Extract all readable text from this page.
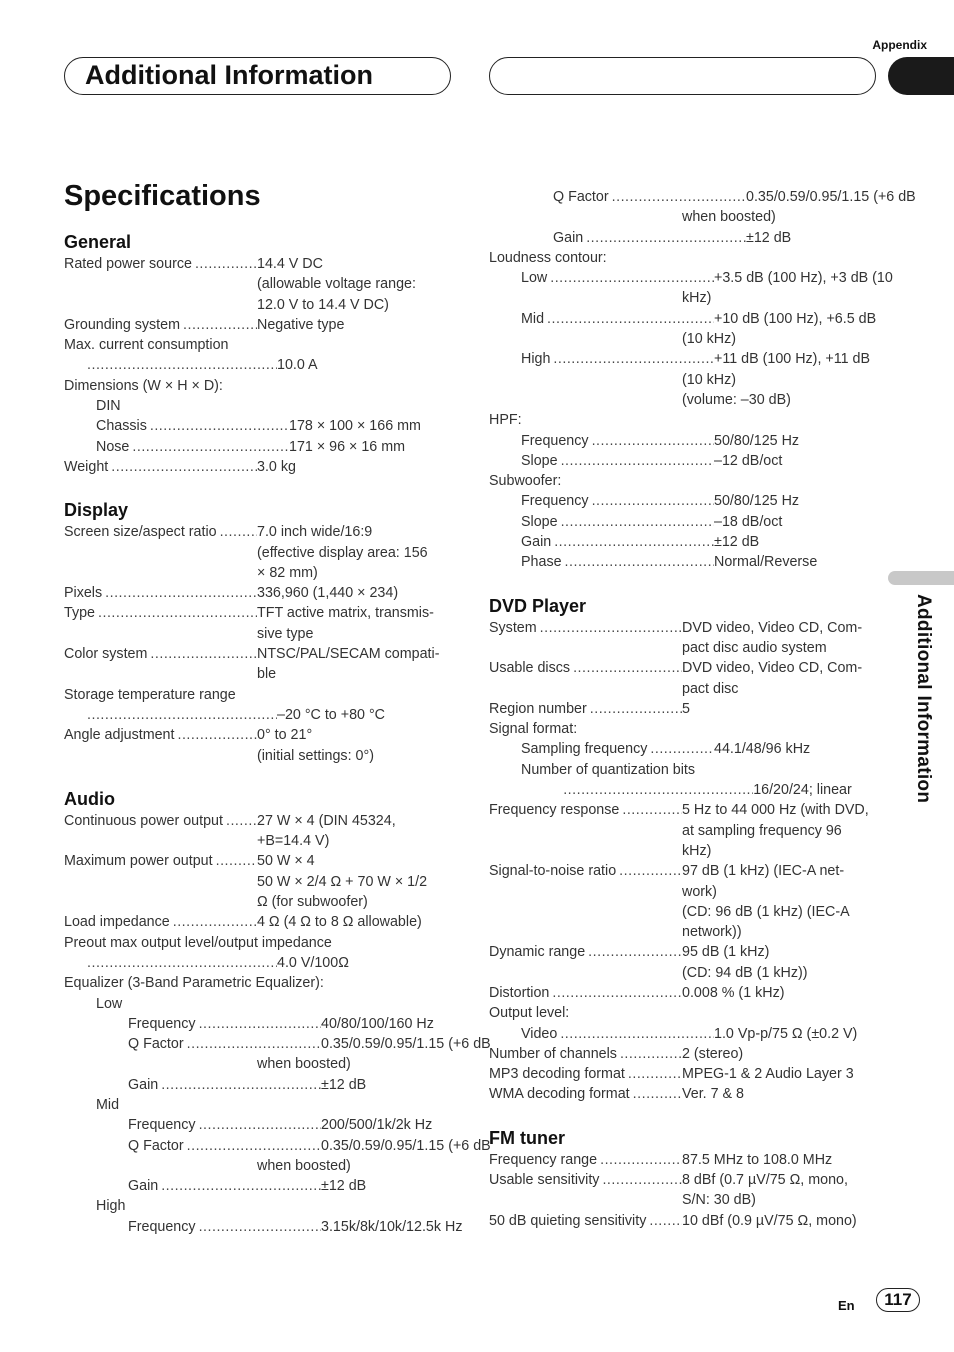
Appendix
Additional Information
Additional Information
Specifications
General
Rated power source .....	14.4 V DC
(allowable voltage range:
12.0 V to 14.4 V DC)
Grounding system .....	Negative type
Max. current consumption
.....
10.0 A
Dimensions (W × H × D):
DIN
Chassis .....	178 × 100 × 166 mm
Nose .....	171 × 96 × 16 mm
Weight .....	3.0 kg
Display
Screen size/aspect ratio .....	7.0 inch wide/16:9
(effective display area: 156
× 82 mm)
Pixels .....	336,960 (1,440 × 234)
Type .....	TFT active matrix, transmis-
sive type
Color system .....	NTSC/PAL/SECAM compati-
ble
Storage temperature range
.....
–20 °C to +80 °C
Angle adjustment .....	0° to 21°
(initial settings: 0°)
Audio
Continuous power output ..... 27 W × 4 (DIN 45324,
+B=14.4 V)
Maximum power output .....	50 W × 4
50 W × 2/4 Ω + 70 W × 1/2
Ω (for subwoofer)
Load impedance .....	4 Ω (4 Ω to 8 Ω allowable)
Preout max output level/output impedance
.....
4.0 V/100Ω
Equalizer (3-Band Parametric Equalizer):
Low
Frequency .....	40/80/100/160 Hz
Q Factor .....	0.35/0.59/0.95/1.15 (+6 dB
when boosted)
Gain .....	±12 dB
Mid
Frequency .....	200/500/1k/2k Hz
Q Factor .....	0.35/0.59/0.95/1.15 (+6 dB
when boosted)
Gain .....	±12 dB
High
Frequency .....	3.15k/8k/10k/12.5k Hz
Q Factor .....	0.35/0.59/0.95/1.15 (+6 dB
when boosted)
Gain .....	±12 dB
Loudness contour:
Low .....	+3.5 dB (100 Hz), +3 dB (10
kHz)
Mid .....	+10 dB (100 Hz), +6.5 dB
(10 kHz)
High .....	+11 dB (100 Hz), +11 dB
(10 kHz)
(volume: –30 dB)
HPF:
Frequency .....	50/80/125 Hz
Slope .....	–12 dB/oct
Subwoofer:
Frequency .....	50/80/125 Hz
Slope .....	–18 dB/oct
Gain .....	±12 dB
Phase .....	Normal/Reverse
DVD Player
System .....	DVD video, Video CD, Com-
pact disc audio system
Usable discs .....	DVD video, Video CD, Com-
pact disc
Region number .....	5
Signal format:
Sampling frequency .....	44.1/48/96 kHz
Number of quantization bits
.....
16/20/24; linear
Frequency response .....	5 Hz to 44 000 Hz (with DVD,
at sampling frequency 96
kHz)
Signal-to-noise ratio .....	97 dB (1 kHz) (IEC-A net-
work)
(CD: 96 dB (1 kHz) (IEC-A
network))
Dynamic range .....	95 dB (1 kHz)
(CD: 94 dB (1 kHz))
Distortion .....	0.008 % (1 kHz)
Output level:
Video .....	1.0 Vp-p/75 Ω (±0.2 V)
Number of channels .....	2 (stereo)
MP3 decoding format .....	MPEG-1 & 2 Audio Layer 3
WMA decoding format .....	Ver. 7 & 8
FM tuner
Frequency range .....	87.5 MHz to 108.0 MHz
Usable sensitivity .....	8 dBf (0.7 µV/75 Ω, mono,
S/N: 30 dB)
50 dB quieting sensitivity ..... 10 dBf (0.9 µV/75 Ω, mono)
En	117
